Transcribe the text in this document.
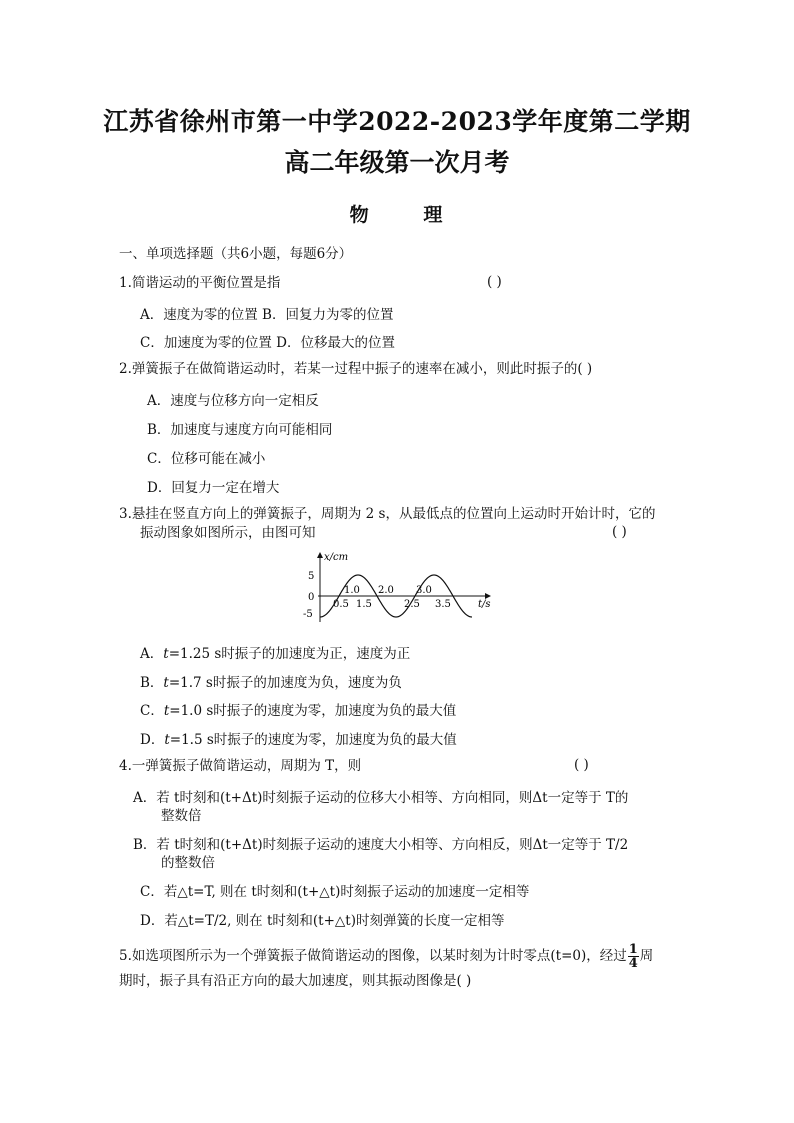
江苏省徐州市第一中学2022-2023学年度第二学期
高二年级第一次月考
物	理
一、单项选择题（共6小题，每题6分）
1.简谐运动的平衡位置是指	( )
A．速度为零的位置 B．回复力为零的位置
C．加速度为零的位置 D．位移最大的位置
2.弹簧振子在做简谐运动时，若某一过程中振子的速率在减小，则此时振子的( )
A．速度与位移方向一定相反
B．加速度与速度方向可能相同
C．位移可能在减小
D．回复力一定在增大
3.悬挂在竖直方向上的弹簧振子，周期为 2 s，从最低点的位置向上运动时开始计时，它的
振动图象如图所示，由图可知	( )
x/cm
t/s
5
0
-5
1.0 2.0 3.0
0.5 1.5	2.5 3.5
A．t=1.25 s时振子的加速度为正，速度为正
B．t=1.7 s时振子的加速度为负，速度为负
C．t=1.0 s时振子的速度为零，加速度为负的最大值
D．t=1.5 s时振子的速度为零，加速度为负的最大值
4.一弹簧振子做简谐运动，周期为 T，则	( )
A．若 t时刻和(t+Δt)时刻振子运动的位移大小相等、方向相同，则Δt一定等于 T的
整数倍
B．若 t时刻和(t+Δt)时刻振子运动的速度大小相等、方向相反，则Δt一定等于 T/2
的整数倍
C．若△t=T, 则在 t时刻和(t+△t)时刻振子运动的加速度一定相等
D．若△t=T/2, 则在 t时刻和(t+△t)时刻弹簧的长度一定相等
5.如选项图所示为一个弹簧振子做简谐运动的图像，以某时刻为计时零点(t=0)，经过 $\frac{1}{4}$ 周
期时，振子具有沿正方向的最大加速度，则其振动图像是( )
